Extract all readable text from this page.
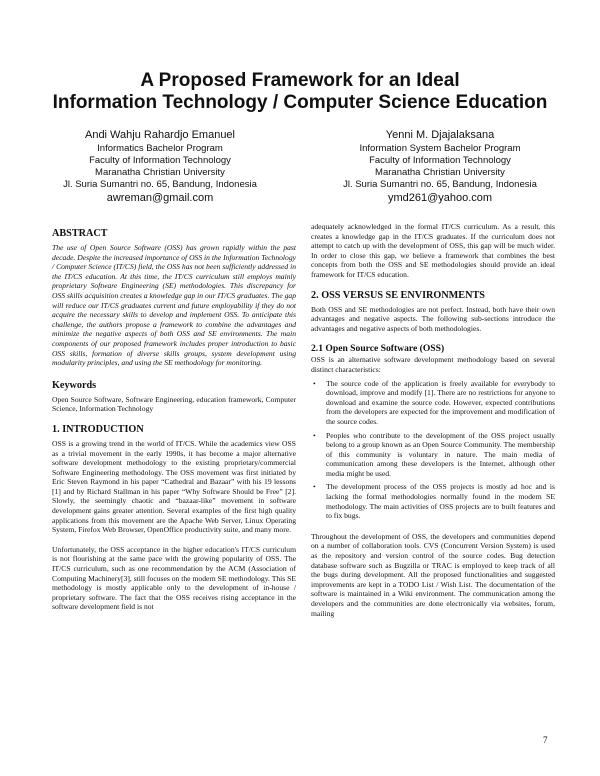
A Proposed Framework for an Ideal
Information Technology / Computer Science Education
Andi Wahju Rahardjo Emanuel
Informatics Bachelor Program
Faculty of Information Technology
Maranatha Christian University
Jl. Suria Sumantri no. 65, Bandung, Indonesia
awreman@gmail.com
Yenni M. Djajalaksana
Information System Bachelor Program
Faculty of Information Technology
Maranatha Christian University
Jl. Suria Sumantri no. 65, Bandung, Indonesia
ymd261@yahoo.com
ABSTRACT

The use of Open Source Software (OSS) has grown rapidly within the past decade. Despite the increased importance of OSS in the Information Technology / Computer Science (IT/CS) field, the OSS has not been sufficiently addressed in the IT/CS education. At this time, the IT/CS curriculum still employs mainly proprietary Software Engineering (SE) methodologies. This discrepancy for OSS skills acquisition creates a knowledge gap in our IT/CS graduates. The gap will reduce our IT/CS graduates current and future employability if they do not acquire the necessary skills to develop and implement OSS. To anticipate this challenge, the authors propose a framework to combine the advantages and minimize the negative aspects of both OSS and SE environments. The main components of our proposed framework includes proper introduction to basic OSS skills, formation of diverse skills groups, system development using modularity principles, and using the SE methodology for monitoring.

Keywords

Open Source Software, Software Engineering, education framework, Computer Science, Information Technology

1. INTRODUCTION

OSS is a growing trend in the world of IT/CS. While the academics view OSS as a trivial movement in the early 1990s, it has become a major alternative software development methodology to the existing proprietary/commercial Software Engineering methodology. The OSS movement was first initiated by Eric Steven Raymond in his paper “Cathedral and Bazaar” with his 19 lessons [1] and by Richard Stallman in his paper “Why Software Should be Free” [2]. Slowly, the seemingly chaotic and “bazaar-like” movement in software development gains greater attention. Several examples of the first high quality applications from this movement are the Apache Web Server, Linux Operating System, Firefox Web Browser, OpenOffice productivity suite, and many more.

Unfortunately, the OSS acceptance in the higher education's IT/CS curriculum is not flourishing at the same pace with the growing popularity of OSS. The IT/CS curriculum, such as one recommendation by the ACM (Association of Computing Machinery[3], still focuses on the modern SE methodology. This SE methodology is mostly applicable only to the development of in-house / proprietary software. The fact that the OSS receives rising acceptance in the software development field is not

adequately acknowledged in the formal IT/CS curriculum. As a result, this creates a knowledge gap in the IT/CS graduates. If the curriculum does not attempt to catch up with the development of OSS, this gap will be much wider. In order to close this gap, we believe a framework that combines the best concepts from both the OSS and SE methodologies should provide an ideal framework for IT/CS education.

2. OSS VERSUS SE ENVIRONMENTS

Both OSS and SE methodologies are not perfect. Instead, both have their own advantages and negative aspects. The following sub-sections introduce the advantages and negative aspects of both methodologies.

2.1 Open Source Software (OSS)

OSS is an alternative software development methodology based on several distinct characteristics:

• The source code of the application is freely available for everybody to download, improve and modify [1]. There are no restrictions for anyone to download and examine the source code. However, expected contributions from the developers are expected for the improvement and modification of the source codes.
• Peoples who contribute to the development of the OSS project usually belong to a group known as an Open Source Community. The membership of this community is voluntary in nature. The main media of communication among these developers is the Internet, although other media might be used.
• The development process of the OSS projects is mostly ad hoc and is lacking the formal methodologies normally found in the modern SE methodology. The main activities of OSS projects are to built features and to fix bugs.

Throughout the development of OSS, the developers and communities depend on a number of collaboration tools. CVS (Concurrent Version System) is used as the repository and version control of the source codes. Bug detection database software such as Bugzilla or TRAC is employed to keep track of all the bugs during development. All the proposed functionalities and suggested improvements are kept in a TODO List / Wish List. The documentation of the software is maintained in a Wiki environment. The communication among the developers and the communities are done electronically via websites, forum, mailing

7
